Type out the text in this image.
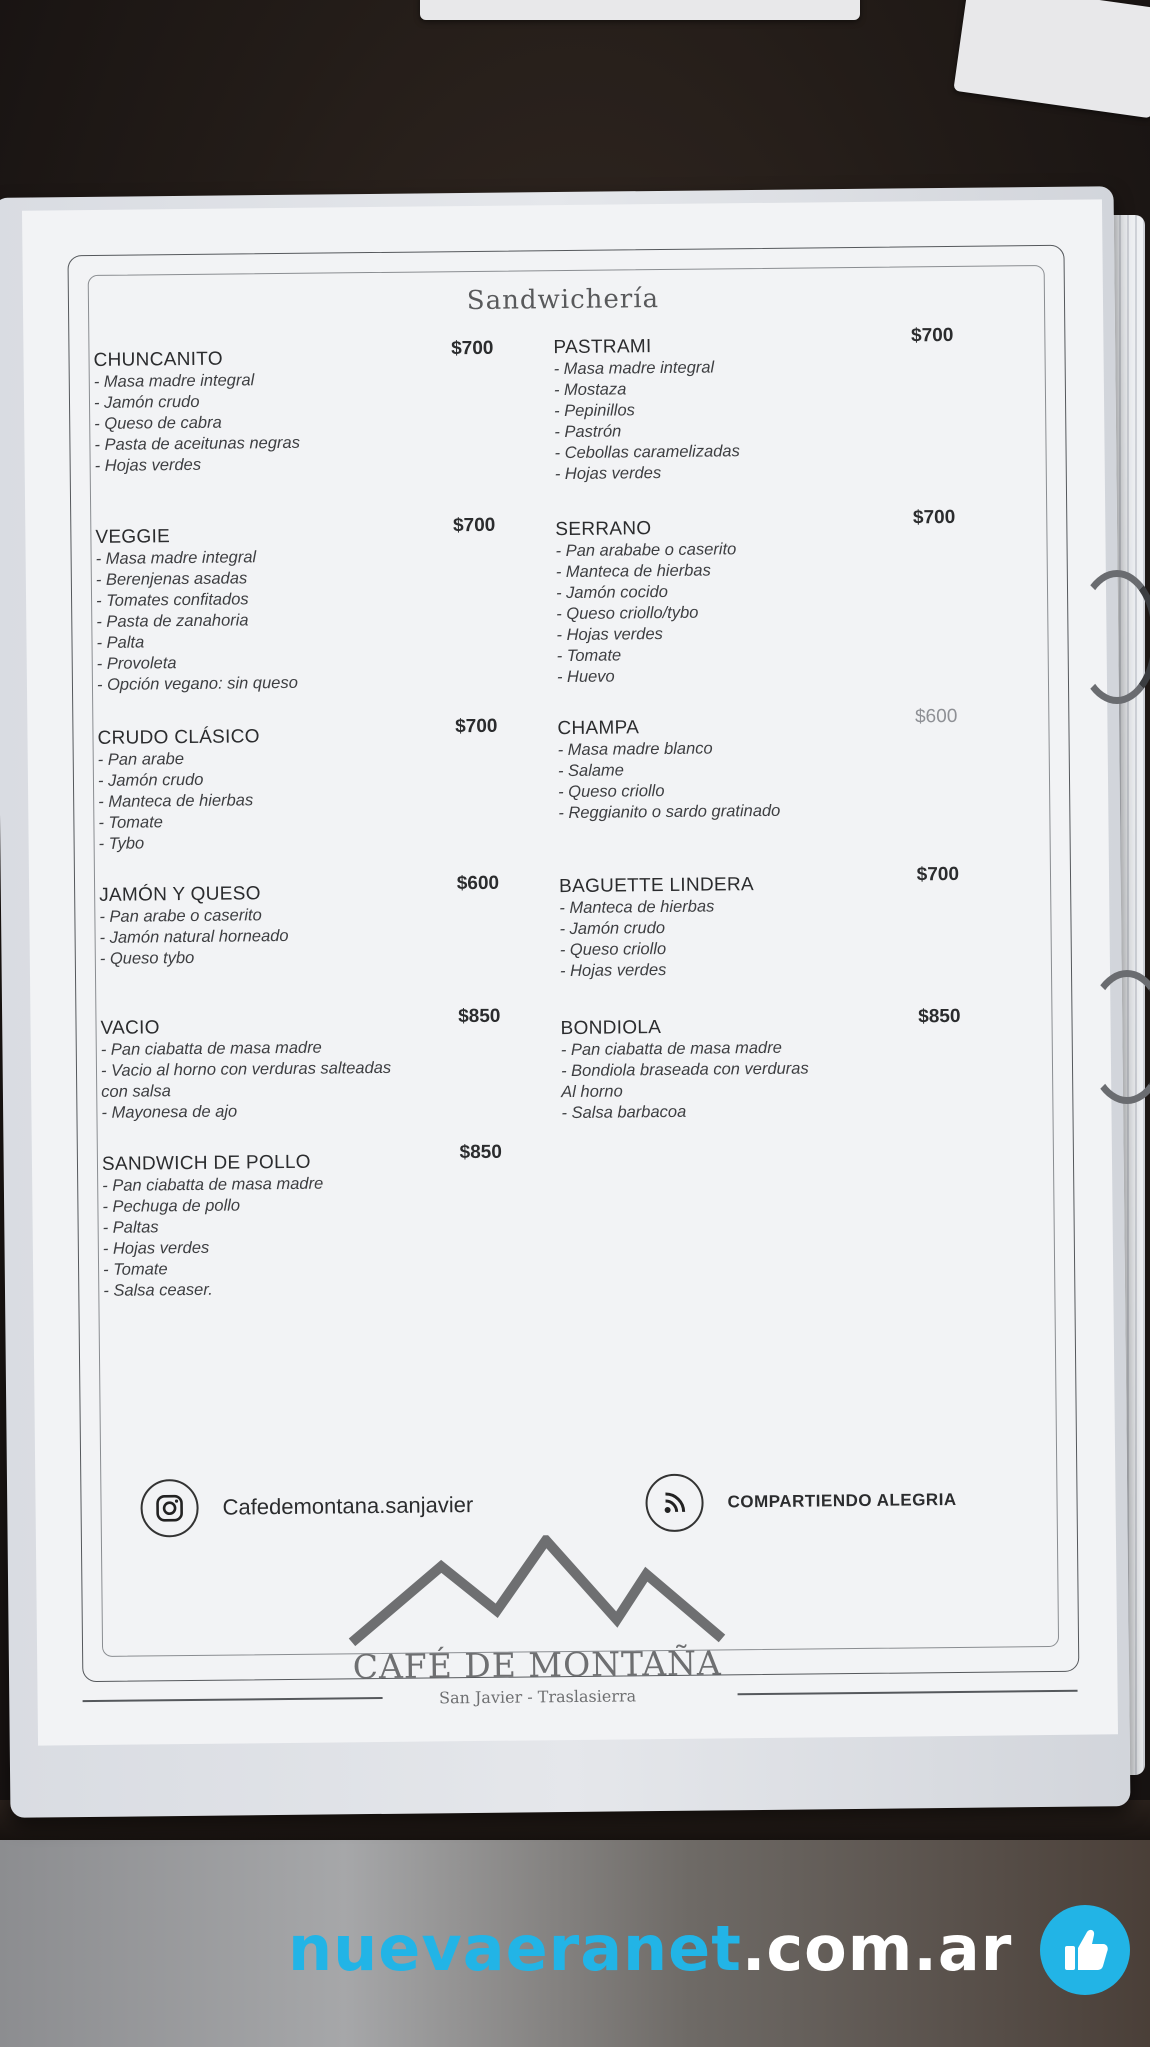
Sandwichería
CHUNCANITO
$700
- Masa madre integral
- Jamón crudo
- Queso de cabra
- Pasta de aceitunas negras
- Hojas verdes
VEGGIE
$700
- Masa madre integral
- Berenjenas asadas
- Tomates confitados
- Pasta de zanahoria
- Palta
- Provoleta
- Opción vegano: sin queso
CRUDO CLÁSICO	$700
- Pan arabe
- Jamón crudo
- Manteca de hierbas
- Tomate
- Tybo
JAMÓN Y QUESO	$600
- Pan arabe o caserito
- Jamón natural horneado
- Queso tybo
VACIO
$850
- Pan ciabatta de masa madre
- Vacio al horno con verduras salteadas
con salsa
- Mayonesa de ajo
SANDWICH DE POLLO	$850
- Pan ciabatta de masa madre
- Pechuga de pollo
- Paltas
- Hojas verdes
- Tomate
- Salsa ceaser.
PASTRAMI
$700
- Masa madre integral
- Mostaza
- Pepinillos
- Pastrón
- Cebollas caramelizadas
- Hojas verdes
SERRANO
$700
- Pan arababe o caserito
- Manteca de hierbas
- Jamón cocido
- Queso criollo/tybo
- Hojas verdes
- Tomate
- Huevo
CHAMPA
$600
- Masa madre blanco
- Salame
- Queso criollo
- Reggianito o sardo gratinado
BAGUETTE LINDERA	$700
- Manteca de hierbas
- Jamón crudo
- Queso criollo
- Hojas verdes
BONDIOLA
$850
- Pan ciabatta de masa madre
- Bondiola braseada con verduras
Al horno
- Salsa barbacoa
Cafedemontana.sanjavier	COMPARTIENDO ALEGRIA
CAFÉ DE MONTAÑA
San Javier - Traslasierra
nuevaeranet.com.ar
